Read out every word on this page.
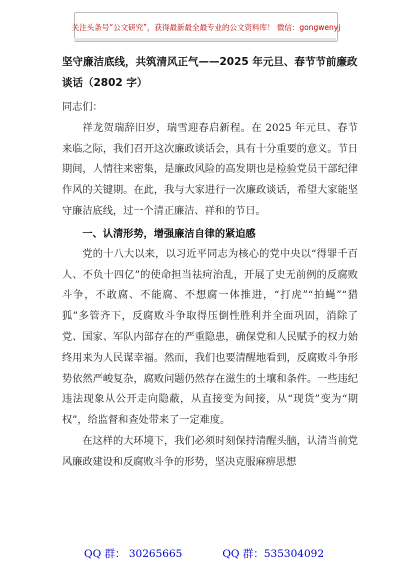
关注头条号“公文研究”，获得最新最全最专业的公文资料库！ 微信：gongwenyj

坚守廉洁底线，共筑清风正气——2025 年元旦、春节节前廉政谈话（2802 字）

同志们：

祥龙贺瑞辞旧岁，瑞雪迎春启新程。在 2025 年元旦、春节来临之际，我们召开这次廉政谈话会，具有十分重要的意义。节日期间，人情往来密集，是廉政风险的高发期也是检验党员干部纪律作风的关键期。在此，我与大家进行一次廉政谈话，希望大家能坚守廉洁底线，过一个清正廉洁、祥和的节日。

一、认清形势，增强廉洁自律的紧迫感

党的十八大以来，以习近平同志为核心的党中央以“得罪千百人、不负十四亿”的使命担当祛疴治乱，开展了史无前例的反腐败斗争，不敢腐、不能腐、不想腐一体推进，“打虎”“拍蝇”“猎狐”多管齐下，反腐败斗争取得压倒性胜利并全面巩固，消除了党、国家、军队内部存在的严重隐患，确保党和人民赋予的权力始终用来为人民谋幸福。然而，我们也要清醒地看到，反腐败斗争形势依然严峻复杂，腐败问题仍然存在滋生的土壤和条件。一些违纪违法现象从公开走向隐蔽，从直接变为间接，从“现货”变为“期权”，给监督和查处带来了一定难度。

在这样的大环境下，我们必须时刻保持清醒头脑，认清当前党风廉政建设和反腐败斗争的形势，坚决克服麻痹思想

QQ 群： 30265665	QQ 群：535304092
